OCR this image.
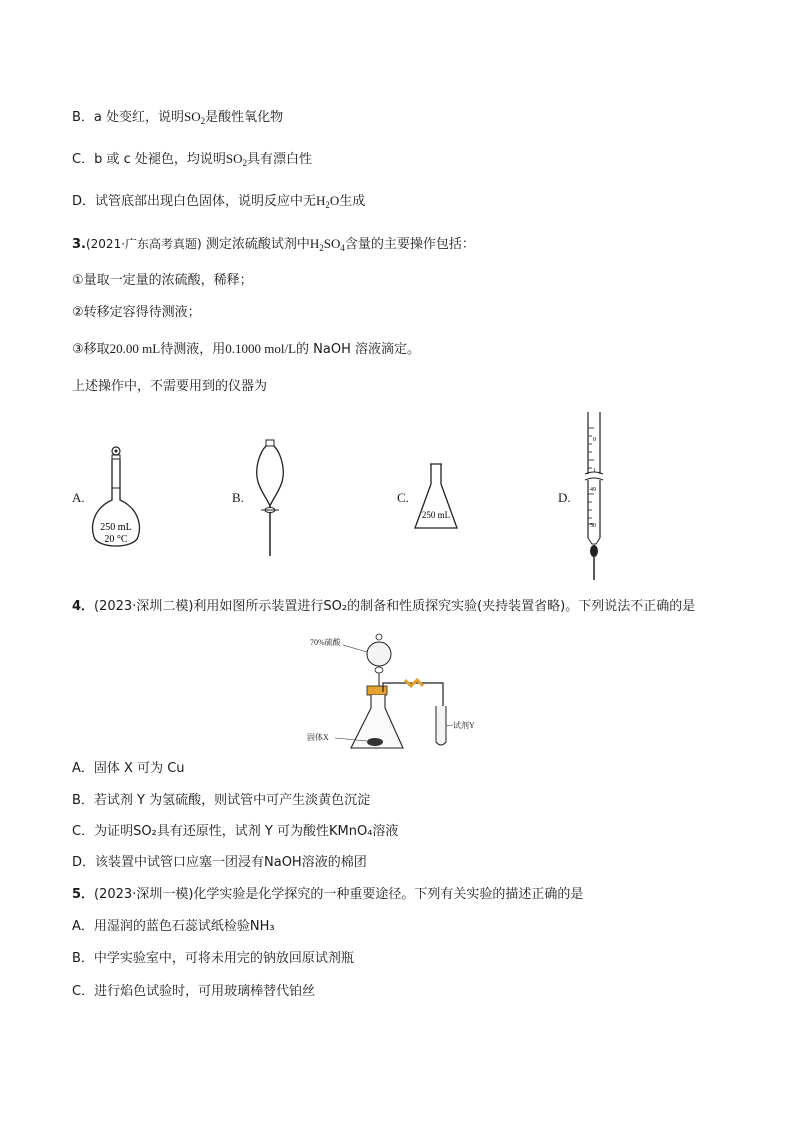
B．a 处变红，说明$SO_2$是酸性氧化物
C．b 或 c 处褪色，均说明$SO_2$具有漂白性
D．试管底部出现白色固体，说明反应中无$H_2O$生成
3.(2021·广东高考真题) 测定浓硫酸试剂中$H_2SO_4$含量的主要操作包括：
①量取一定量的浓硫酸，稀释；
②转移定容得待测液；
③移取20.00 mL待测液，用0.1000 mol/L的 NaOH 溶液滴定。
上述操作中，不需要用到的仪器为
A.	B.	C.	D.
250 mL
20 °C
250 mL
0
1
49
50
4．(2023·深圳二模)利用如图所示装置进行SO₂的制备和性质探究实验(夹持装置省略)。下列说法不正确的是
70%硫酸
固体X
试剂Y
A．固体 X 可为 Cu
B．若试剂 Y 为氢硫酸，则试管中可产生淡黄色沉淀
C．为证明SO₂具有还原性，试剂 Y 可为酸性KMnO₄溶液
D．该装置中试管口应塞一团浸有NaOH溶液的棉团
5．(2023·深圳一模)化学实验是化学探究的一种重要途径。下列有关实验的描述正确的是
A．用湿润的蓝色石蕊试纸检验NH₃
B．中学实验室中，可将未用完的钠放回原试剂瓶
C．进行焰色试验时，可用玻璃棒替代铂丝
